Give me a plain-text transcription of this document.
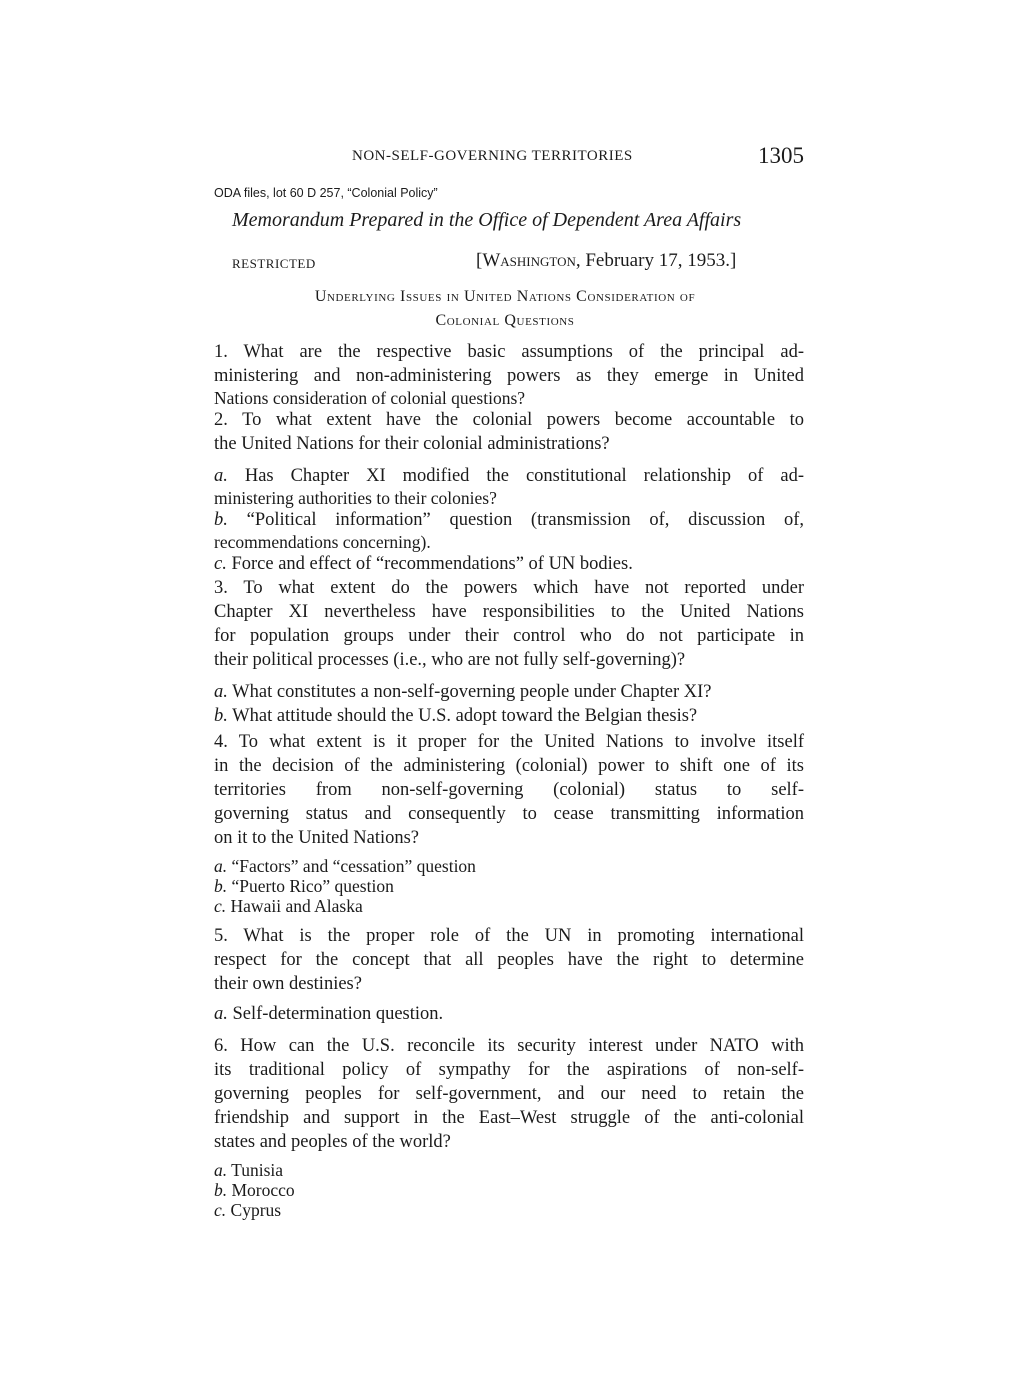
NON-SELF-GOVERNING TERRITORIES	1305
ODA files, lot 60 D 257, “Colonial Policy”
Memorandum Prepared in the Office of Dependent Area Affairs
RESTRICTED	[Washington, February 17, 1953.]
Underlying Issues in United Nations Consideration of
Colonial Questions

1. What are the respective basic assumptions of the principal ad-

ministering and non-administering powers as they emerge in United

Nations consideration of colonial questions?

2. To what extent have the colonial powers become accountable to

the United Nations for their colonial administrations?

a. Has Chapter XI modified the constitutional relationship of ad-

ministering authorities to their colonies?

b. “Political information” question (transmission of, discussion of,

recommendations concerning).

c. Force and effect of “recommendations” of UN bodies.

3. To what extent do the powers which have not reported under

Chapter XI nevertheless have responsibilities to the United Nations

for population groups under their control who do not participate in

their political processes (i.e., who are not fully self-governing)?

a. What constitutes a non-self-governing people under Chapter XI?

b. What attitude should the U.S. adopt toward the Belgian thesis?

4. To what extent is it proper for the United Nations to involve itself

in the decision of the administering (colonial) power to shift one of its

territories from non-self-governing (colonial) status to self-

governing status and consequently to cease transmitting information

on it to the United Nations?

a. “Factors” and “cessation” question

b. “Puerto Rico” question

c. Hawaii and Alaska

5. What is the proper role of the UN in promoting international

respect for the concept that all peoples have the right to determine

their own destinies?

a. Self-determination question.

6. How can the U.S. reconcile its security interest under NATO with

its traditional policy of sympathy for the aspirations of non-self-

governing peoples for self-government, and our need to retain the

friendship and support in the East–West struggle of the anti-colonial

states and peoples of the world?

a. Tunisia

b. Morocco

c. Cyprus
